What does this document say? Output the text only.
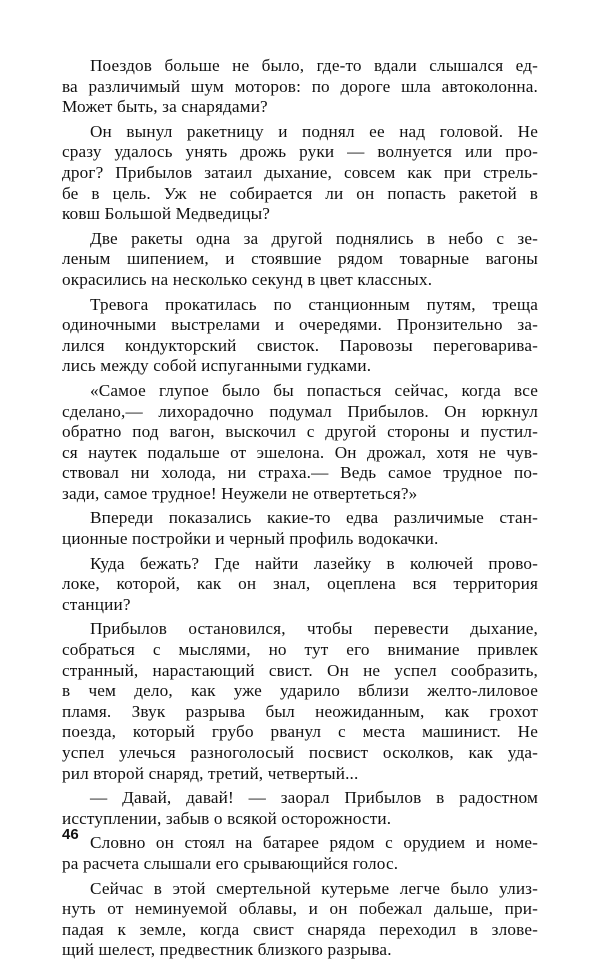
Поездов больше не было, где-то вдали слышался ед-
ва различимый шум моторов: по дороге шла автоколонна.
Может быть, за снарядами?
Он вынул ракетницу и поднял ее над головой. Не
сразу удалось унять дрожь руки — волнуется или про-
дрог? Прибылов затаил дыхание, совсем как при стрель-
бе в цель. Уж не собирается ли он попасть ракетой в
ковш Большой Медведицы?
Две ракеты одна за другой поднялись в небо с зе-
леным шипением, и стоявшие рядом товарные вагоны
окрасились на несколько секунд в цвет классных.
Тревога прокатилась по станционным путям, треща
одиночными выстрелами и очередями. Пронзительно за-
лился кондукторский свисток. Паровозы переговарива-
лись между собой испуганными гудками.
«Самое глупое было бы попасться сейчас, когда все
сделано,— лихорадочно подумал Прибылов. Он юркнул
обратно под вагон, выскочил с другой стороны и пустил-
ся наутек подальше от эшелона. Он дрожал, хотя не чув-
ствовал ни холода, ни страха.— Ведь самое трудное по-
зади, самое трудное! Неужели не отвертеться?»
Впереди показались какие-то едва различимые стан-
ционные постройки и черный профиль водокачки.
Куда бежать? Где найти лазейку в колючей прово-
локе, которой, как он знал, оцеплена вся территория
станции?
Прибылов остановился, чтобы перевести дыхание,
собраться с мыслями, но тут его внимание привлек
странный, нарастающий свист. Он не успел сообразить,
в чем дело, как уже ударило вблизи желто-лиловое
пламя. Звук разрыва был неожиданным, как грохот
поезда, который грубо рванул с места машинист. Не
успел улечься разноголосый посвист осколков, как уда-
рил второй снаряд, третий, четвертый...
— Давай, давай! — заорал Прибылов в радостном
исступлении, забыв о всякой осторожности.
Словно он стоял на батарее рядом с орудием и номе-
ра расчета слышали его срывающийся голос.
Сейчас в этой смертельной кутерьме легче было улиз-
нуть от неминуемой облавы, и он побежал дальше, при-
падая к земле, когда свист снаряда переходил в зловe-
щий шелест, предвестник близкого разрыва.
46
